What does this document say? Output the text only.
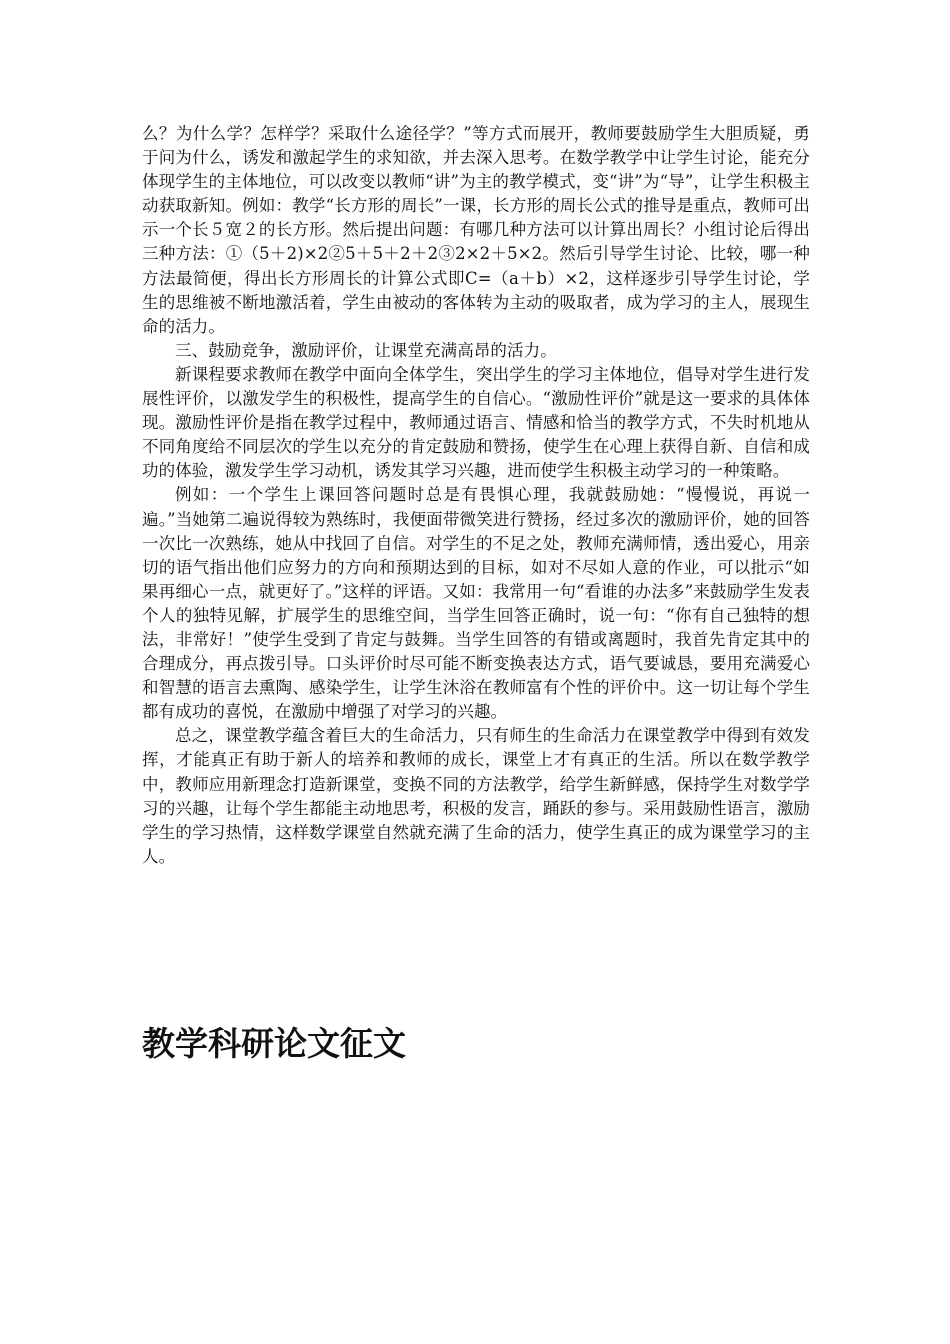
么？为什么学？怎样学？采取什么途径学？”等方式而展开，教师要鼓励学生大胆质疑，勇于问为什么，诱发和激起学生的求知欲，并去深入思考。在数学教学中让学生讨论，能充分体现学生的主体地位，可以改变以教师“讲”为主的教学模式，变“讲”为“导”，让学生积极主动获取新知。例如：教学“长方形的周长”一课，长方形的周长公式的推导是重点，教师可出示一个长５宽２的长方形。然后提出问题：有哪几种方法可以计算出周长？小组讨论后得出三种方法：①（5＋2)×2②5＋5＋2＋2③2×2＋5×2。然后引导学生讨论、比较，哪一种方法最简便，得出长方形周长的计算公式即C=（a＋b）×2，这样逐步引导学生讨论，学生的思维被不断地激活着，学生由被动的客体转为主动的吸取者，成为学习的主人，展现生命的活力。

三、鼓励竞争，激励评价，让课堂充满高昂的活力。

新课程要求教师在教学中面向全体学生，突出学生的学习主体地位，倡导对学生进行发展性评价，以激发学生的积极性，提高学生的自信心。“激励性评价”就是这一要求的具体体现。激励性评价是指在教学过程中，教师通过语言、情感和恰当的教学方式，不失时机地从不同角度给不同层次的学生以充分的肯定鼓励和赞扬，使学生在心理上获得自新、自信和成功的体验，激发学生学习动机，诱发其学习兴趣，进而使学生积极主动学习的一种策略。

例如：一个学生上课回答问题时总是有畏惧心理，我就鼓励她：“慢慢说，再说一遍。”当她第二遍说得较为熟练时，我便面带微笑进行赞扬，经过多次的激励评价，她的回答一次比一次熟练，她从中找回了自信。对学生的不足之处，教师充满师情，透出爱心，用亲切的语气指出他们应努力的方向和预期达到的目标，如对不尽如人意的作业，可以批示“如果再细心一点，就更好了。”这样的评语。又如：我常用一句“看谁的办法多”来鼓励学生发表个人的独特见解，扩展学生的思维空间，当学生回答正确时，说一句：“你有自己独特的想法，非常好！”使学生受到了肯定与鼓舞。当学生回答的有错或离题时，我首先肯定其中的合理成分，再点拨引导。口头评价时尽可能不断变换表达方式，语气要诚恳，要用充满爱心和智慧的语言去熏陶、感染学生，让学生沐浴在教师富有个性的评价中。这一切让每个学生都有成功的喜悦，在激励中增强了对学习的兴趣。

总之，课堂教学蕴含着巨大的生命活力，只有师生的生命活力在课堂教学中得到有效发挥，才能真正有助于新人的培养和教师的成长，课堂上才有真正的生活。所以在数学教学中，教师应用新理念打造新课堂，变换不同的方法教学，给学生新鲜感，保持学生对数学学习的兴趣，让每个学生都能主动地思考，积极的发言，踊跃的参与。采用鼓励性语言，激励学生的学习热情，这样数学课堂自然就充满了生命的活力，使学生真正的成为课堂学习的主人。

教学科研论文征文
